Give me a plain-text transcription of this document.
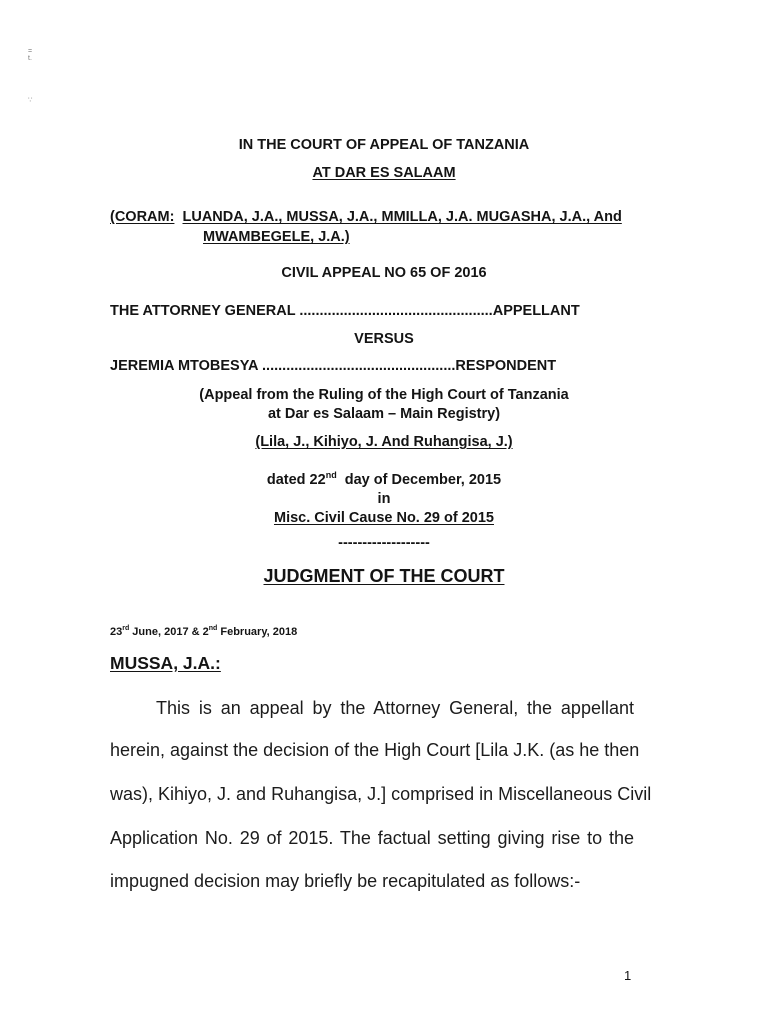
=
t.
∵
IN THE COURT OF APPEAL OF TANZANIA
AT DAR ES SALAAM
(CORAM: LUANDA, J.A., MUSSA, J.A., MMILLA, J.A. MUGASHA, J.A., And
MWAMBEGELE, J.A.)
CIVIL APPEAL NO 65 OF 2016
THE ATTORNEY GENERAL ................................................APPELLANT
VERSUS
JEREMIA MTOBESYA ................................................RESPONDENT
(Appeal from the Ruling of the High Court of Tanzania
at Dar es Salaam – Main Registry)
(Lila, J., Kihiyo, J. And Ruhangisa, J.)
dated 22nd  day of December, 2015
in
Misc. Civil Cause No. 29 of 2015
-------------------
JUDGMENT OF THE COURT
23rd June, 2017 & 2nd February, 2018
MUSSA, J.A.:
This is an appeal by the Attorney General, the appellant
herein, against the decision of the High Court [Lila J.K. (as he then
was), Kihiyo, J. and Ruhangisa, J.] comprised in Miscellaneous Civil
Application No. 29 of 2015. The factual setting giving rise to the
impugned decision may briefly be recapitulated as follows:-
1
